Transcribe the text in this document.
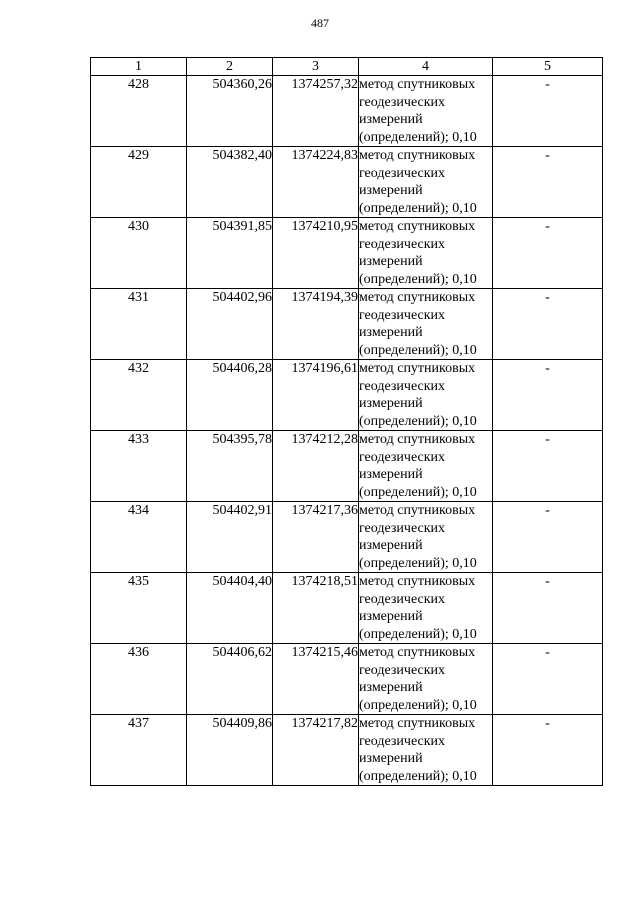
487
1	2	3	4	5
428	504360,26	1374257,32	метод спутниковых
геодезических
измерений
(определений); 0,10	-
429	504382,40	1374224,83	метод спутниковых
геодезических
измерений
(определений); 0,10	-
430	504391,85	1374210,95	метод спутниковых
геодезических
измерений
(определений); 0,10	-
431	504402,96	1374194,39	метод спутниковых
геодезических
измерений
(определений); 0,10	-
432	504406,28	1374196,61	метод спутниковых
геодезических
измерений
(определений); 0,10	-
433	504395,78	1374212,28	метод спутниковых
геодезических
измерений
(определений); 0,10	-
434	504402,91	1374217,36	метод спутниковых
геодезических
измерений
(определений); 0,10	-
435	504404,40	1374218,51	метод спутниковых
геодезических
измерений
(определений); 0,10	-
436	504406,62	1374215,46	метод спутниковых
геодезических
измерений
(определений); 0,10	-
437	504409,86	1374217,82	метод спутниковых
геодезических
измерений
(определений); 0,10	-
